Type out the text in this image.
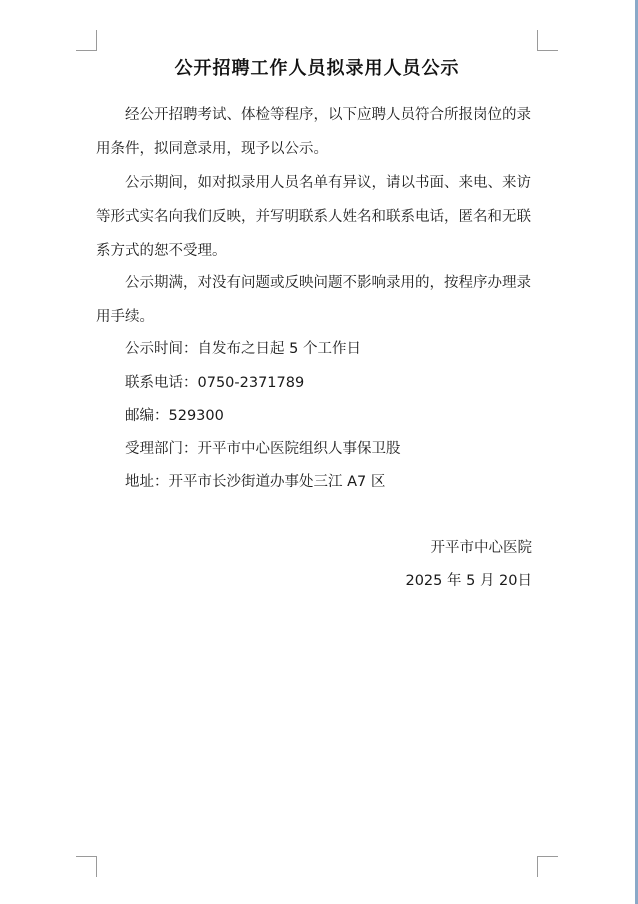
公开招聘工作人员拟录用人员公示

经公开招聘考试、体检等程序，以下应聘人员符合所报岗位的录用条件，拟同意录用，现予以公示。

公示期间，如对拟录用人员名单有异议，请以书面、来电、来访等形式实名向我们反映，并写明联系人姓名和联系电话，匿名和无联系方式的恕不受理。

公示期满，对没有问题或反映问题不影响录用的，按程序办理录用手续。

公示时间：自发布之日起 5 个工作日
联系电话：0750-2371789
邮编：529300
受理部门：开平市中心医院组织人事保卫股
地址：开平市长沙街道办事处三江 A7 区
开平市中心医院
2025 年 5 月 20日
